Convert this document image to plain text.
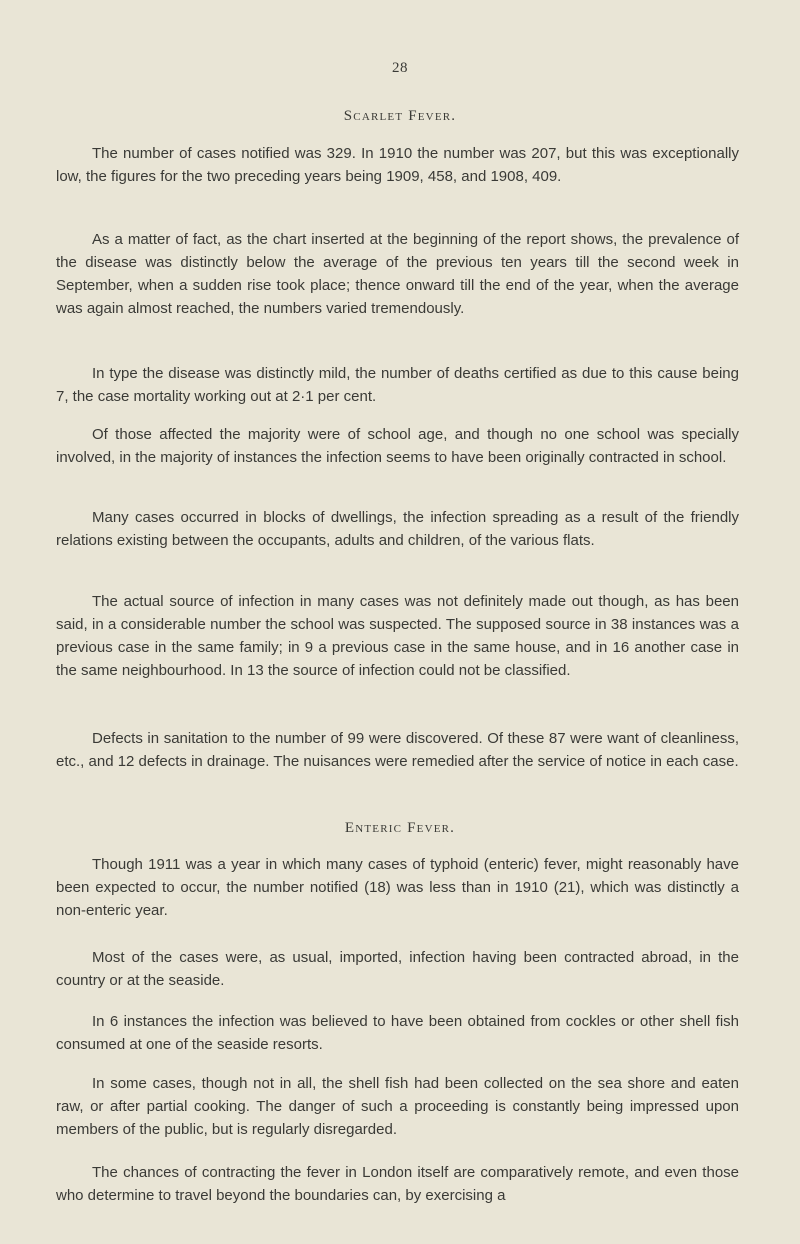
28
Scarlet Fever.

The number of cases notified was 329. In 1910 the number was 207, but this was exceptionally low, the figures for the two preceding years being 1909, 458, and 1908, 409.

As a matter of fact, as the chart inserted at the beginning of the report shows, the prevalence of the disease was distinctly below the average of the previous ten years till the second week in September, when a sudden rise took place; thence onward till the end of the year, when the average was again almost reached, the numbers varied tremendously.

In type the disease was distinctly mild, the number of deaths certified as due to this cause being 7, the case mortality working out at 2·1 per cent.

Of those affected the majority were of school age, and though no one school was specially involved, in the majority of instances the infection seems to have been originally contracted in school.

Many cases occurred in blocks of dwellings, the infection spreading as a result of the friendly relations existing between the occupants, adults and children, of the various flats.

The actual source of infection in many cases was not definitely made out though, as has been said, in a considerable number the school was suspected. The supposed source in 38 instances was a previous case in the same family; in 9 a previous case in the same house, and in 16 another case in the same neighbourhood. In 13 the source of infection could not be classified.

Defects in sanitation to the number of 99 were discovered. Of these 87 were want of cleanliness, etc., and 12 defects in drainage. The nuisances were remedied after the service of notice in each case.

Enteric Fever.

Though 1911 was a year in which many cases of typhoid (enteric) fever, might reasonably have been expected to occur, the number notified (18) was less than in 1910 (21), which was distinctly a non-enteric year.

Most of the cases were, as usual, imported, infection having been contracted abroad, in the country or at the seaside.

In 6 instances the infection was believed to have been obtained from cockles or other shell fish consumed at one of the seaside resorts.

In some cases, though not in all, the shell fish had been collected on the sea shore and eaten raw, or after partial cooking. The danger of such a proceeding is constantly being impressed upon members of the public, but is regularly disregarded.

The chances of contracting the fever in London itself are comparatively remote, and even those who determine to travel beyond the boundaries can, by exercising a
